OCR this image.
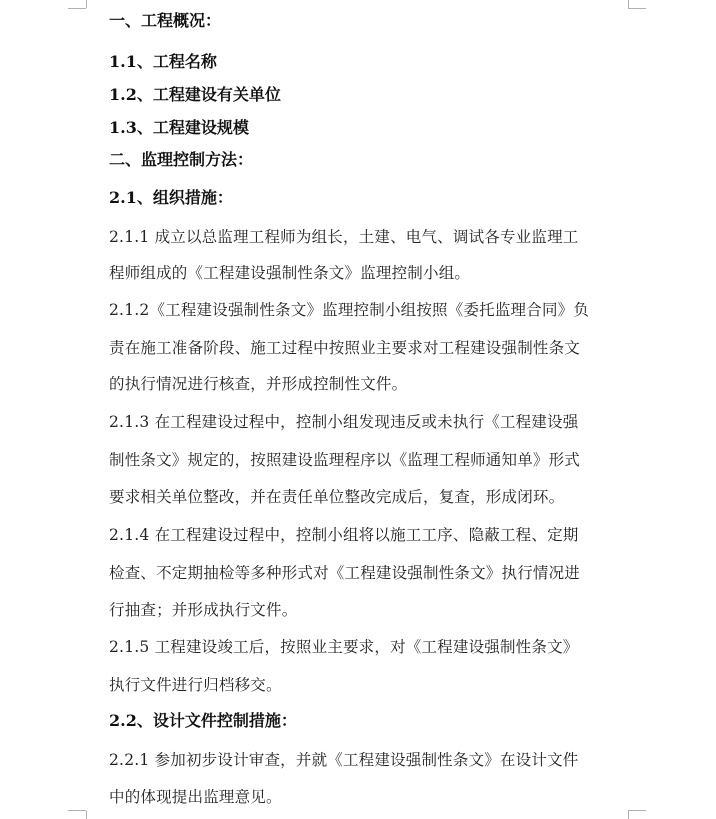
一、工程概况：
1.1、工程名称
1.2、工程建设有关单位
1.3、工程建设规模
二、监理控制方法：
2.1、组织措施：
2.1.1 成立以总监理工程师为组长，土建、电气、调试各专业监理工
程师组成的《工程建设强制性条文》监理控制小组。
2.1.2《工程建设强制性条文》监理控制小组按照《委托监理合同》负
责在施工准备阶段、施工过程中按照业主要求对工程建设强制性条文
的执行情况进行核查，并形成控制性文件。
2.1.3 在工程建设过程中，控制小组发现违反或未执行《工程建设强
制性条文》规定的，按照建设监理程序以《监理工程师通知单》形式
要求相关单位整改，并在责任单位整改完成后，复查，形成闭环。
2.1.4 在工程建设过程中，控制小组将以施工工序、隐蔽工程、定期
检查、不定期抽检等多种形式对《工程建设强制性条文》执行情况进
行抽查；并形成执行文件。
2.1.5 工程建设竣工后，按照业主要求，对《工程建设强制性条文》
执行文件进行归档移交。
2.2、设计文件控制措施：
2.2.1 参加初步设计审查，并就《工程建设强制性条文》在设计文件
中的体现提出监理意见。
